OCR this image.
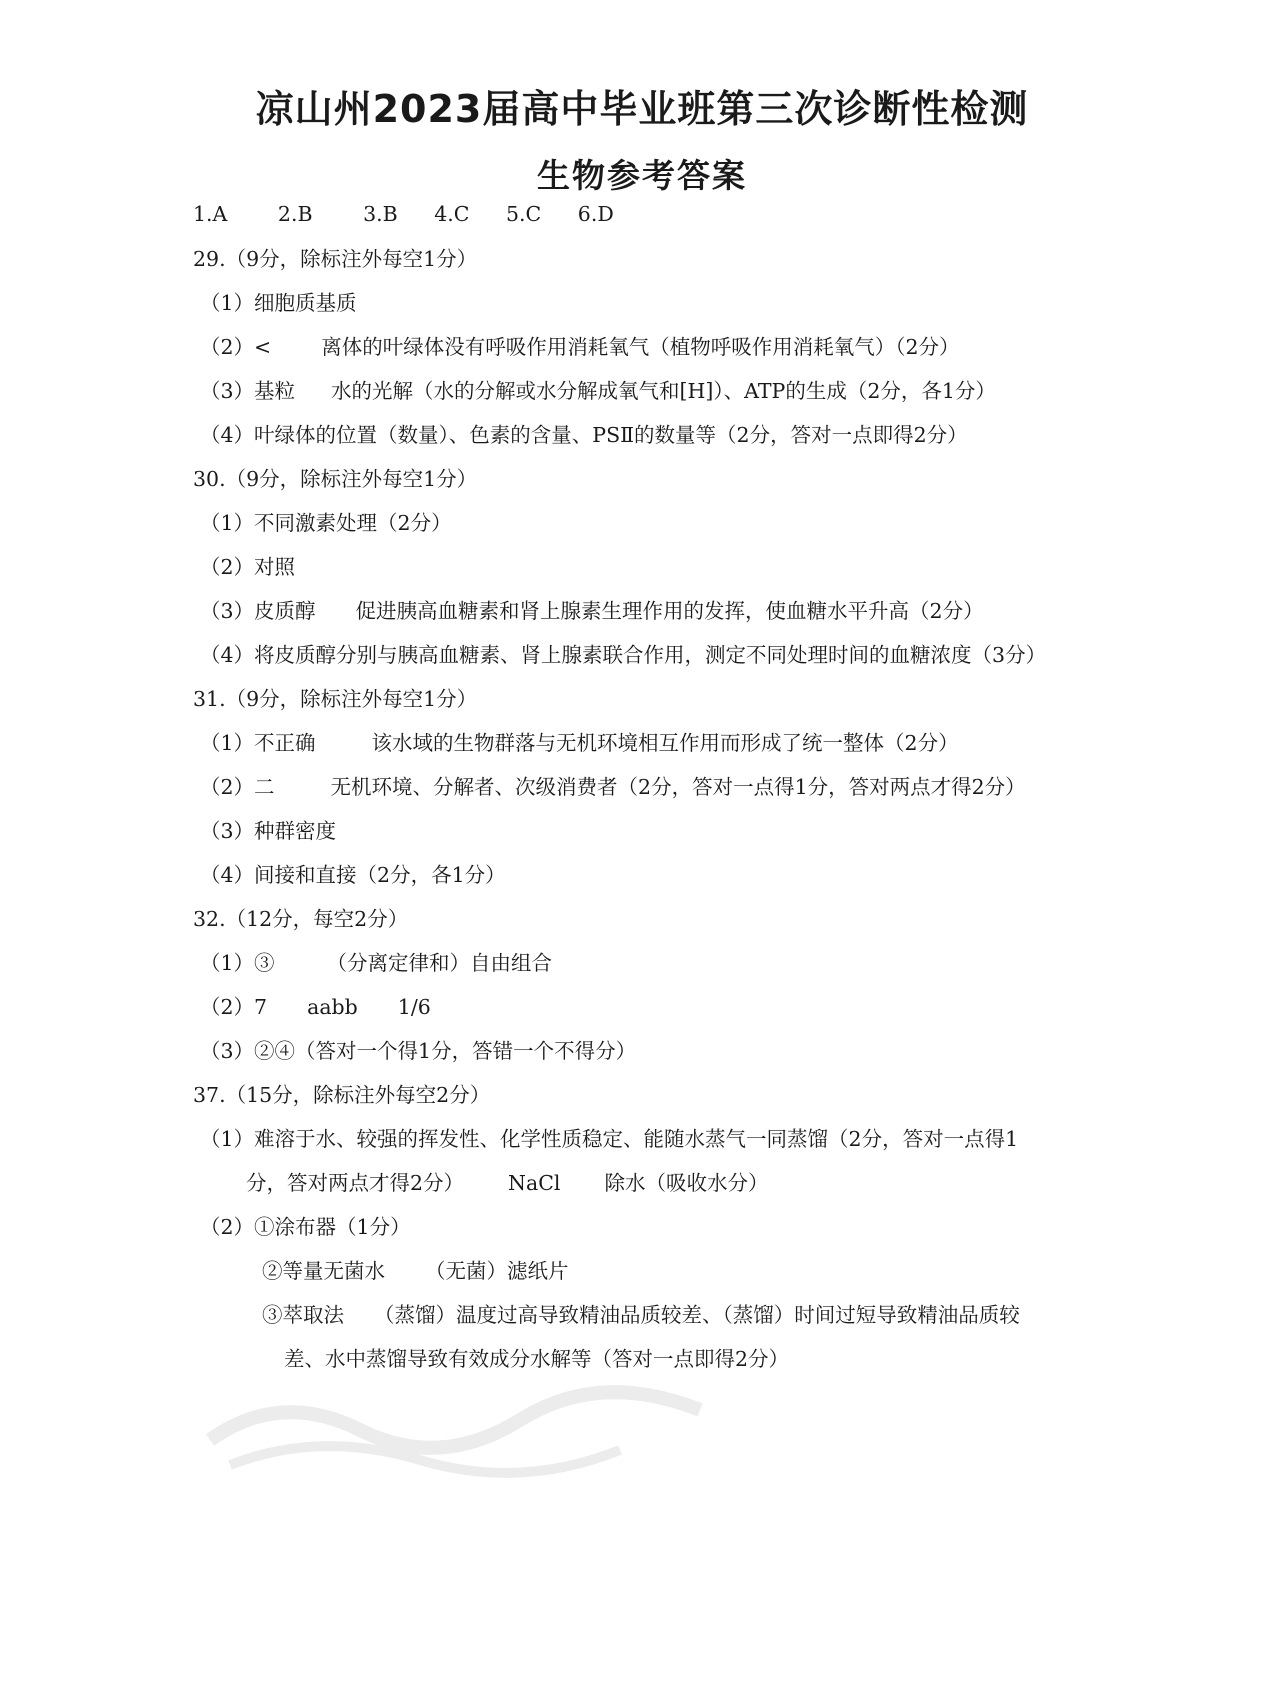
凉山州2023届高中毕业班第三次诊断性检测
生物参考答案
1.A 2.B 3.B 4.C 5.C 6.D
29.（9分，除标注外每空1分）
（1）细胞质基质
（2）< 离体的叶绿体没有呼吸作用消耗氧气（植物呼吸作用消耗氧气）（2分）
（3）基粒 水的光解（水的分解或水分解成氧气和[H]）、ATP的生成（2分，各1分）
（4）叶绿体的位置（数量）、色素的含量、PSⅡ的数量等（2分，答对一点即得2分）
30.（9分，除标注外每空1分）
（1）不同激素处理（2分）
（2）对照
（3）皮质醇 促进胰高血糖素和肾上腺素生理作用的发挥，使血糖水平升高（2分）
（4）将皮质醇分别与胰高血糖素、肾上腺素联合作用，测定不同处理时间的血糖浓度（3分）
31.（9分，除标注外每空1分）
（1）不正确	该水域的生物群落与无机环境相互作用而形成了统一整体（2分）
（2）二	无机环境、分解者、次级消费者（2分，答对一点得1分，答对两点才得2分）
（3）种群密度
（4）间接和直接（2分，各1分）
32.（12分，每空2分）
（1）③	（分离定律和）自由组合
（2）7 aabb 1/6
（3）②④（答对一个得1分，答错一个不得分）
37.（15分，除标注外每空2分）
（1）难溶于水、较强的挥发性、化学性质稳定、能随水蒸气一同蒸馏（2分，答对一点得1
分，答对两点才得2分） NaCl 除水（吸收水分）
（2）①涂布器（1分）
②等量无菌水 （无菌）滤纸片
③萃取法 （蒸馏）温度过高导致精油品质较差、（蒸馏）时间过短导致精油品质较
差、水中蒸馏导致有效成分水解等（答对一点即得2分）
